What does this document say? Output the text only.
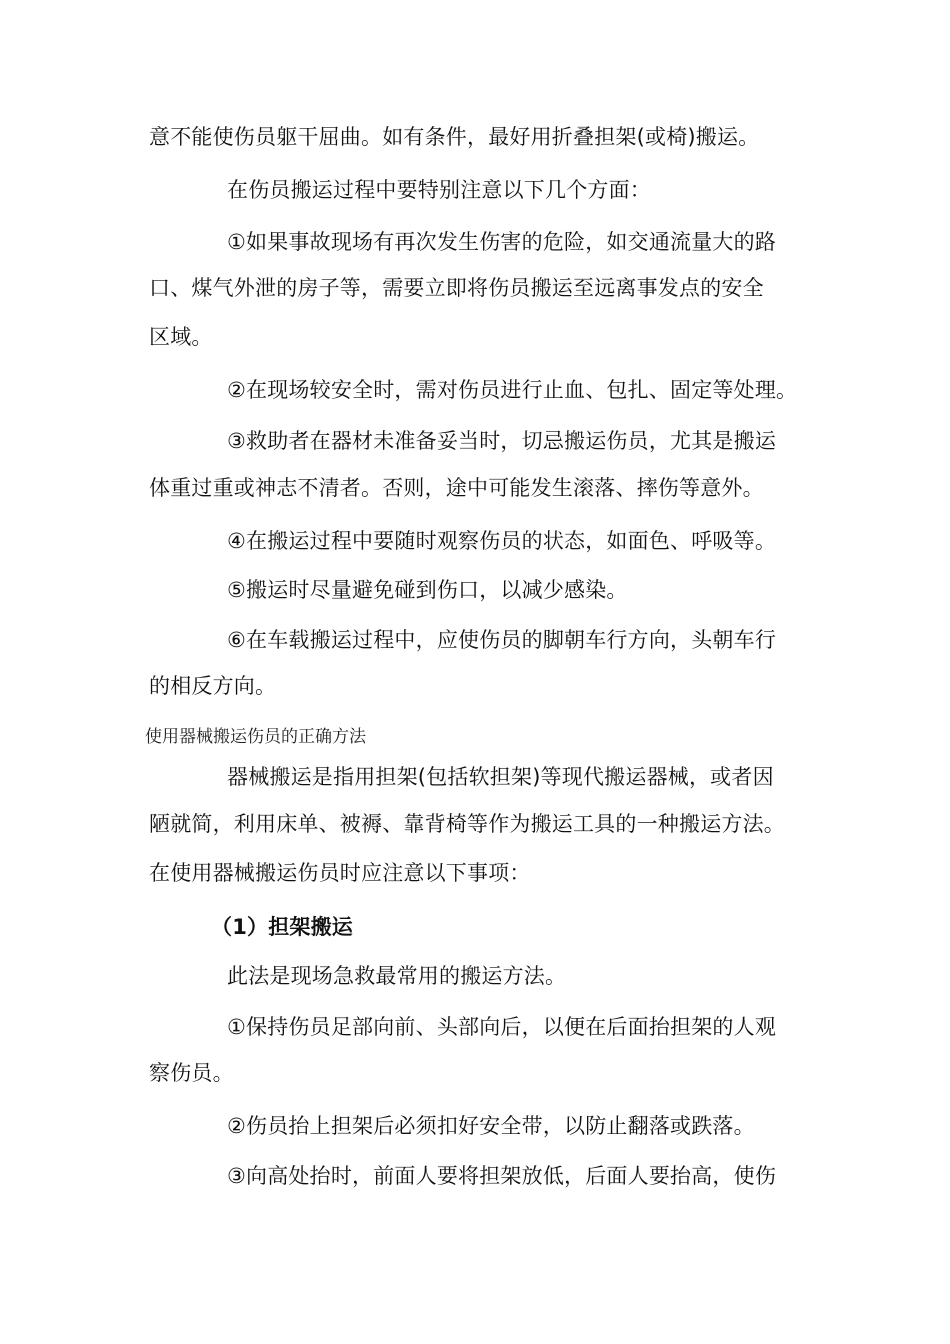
意不能使伤员躯干屈曲。如有条件，最好用折叠担架(或椅)搬运。
在伤员搬运过程中要特别注意以下几个方面：
①如果事故现场有再次发生伤害的危险，如交通流量大的路
口、煤气外泄的房子等，需要立即将伤员搬运至远离事发点的安全
区域。
②在现场较安全时，需对伤员进行止血、包扎、固定等处理。
③救助者在器材未准备妥当时，切忌搬运伤员，尤其是搬运
体重过重或神志不清者。否则，途中可能发生滚落、摔伤等意外。
④在搬运过程中要随时观察伤员的状态，如面色、呼吸等。
⑤搬运时尽量避免碰到伤口，以减少感染。
⑥在车载搬运过程中，应使伤员的脚朝车行方向，头朝车行
的相反方向。
使用器械搬运伤员的正确方法
器械搬运是指用担架(包括软担架)等现代搬运器械，或者因
陋就简，利用床单、被褥、靠背椅等作为搬运工具的一种搬运方法。
在使用器械搬运伤员时应注意以下事项：
（1）担架搬运
此法是现场急救最常用的搬运方法。
①保持伤员足部向前、头部向后，以便在后面抬担架的人观
察伤员。
②伤员抬上担架后必须扣好安全带，以防止翻落或跌落。
③向高处抬时，前面人要将担架放低，后面人要抬高，使伤
